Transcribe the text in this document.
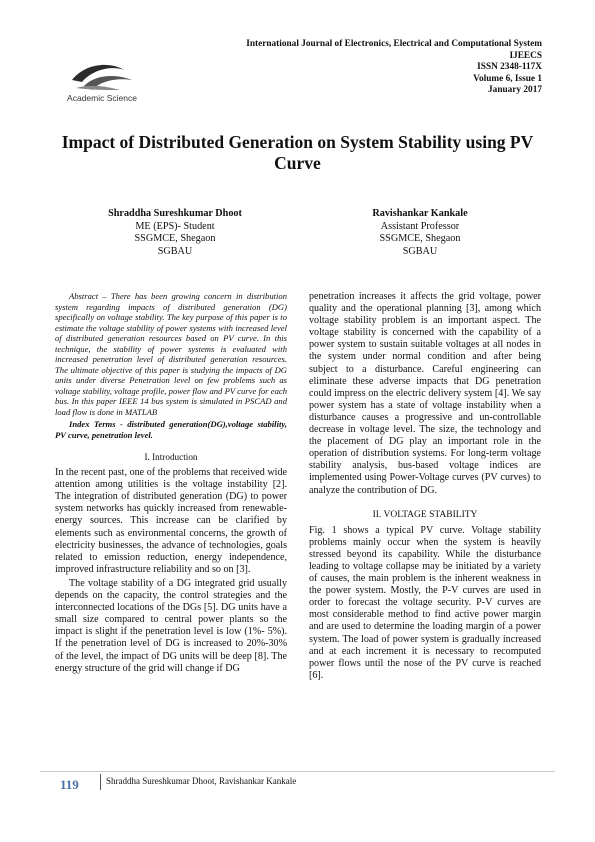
Academic Science
International Journal of Electronics, Electrical and Computational System
IJEECS
ISSN 2348-117X
Volume 6, Issue 1
January 2017
Impact of Distributed Generation on System Stability using PV Curve
Shraddha Sureshkumar Dhoot
ME (EPS)- Student
SSGMCE, Shegaon
SGBAU
Ravishankar Kankale
Assistant Professor
SSGMCE, Shegaon
SGBAU

Abstract – There has been growing concern in distribution system regarding impacts of distributed generation (DG) specifically on voltage stability. The key purpose of this paper is to estimate the voltage stability of power systems with increased level of distributed generation resources based on PV curve. In this technique, the stability of power systems is evaluated with increased penetration level of distributed generation resources. The ultimate objective of this paper is studying the impacts of DG units under diverse Penetration level on few problems such as voltage stability, voltage profile, power flow and PV curve for each bus. In this paper IEEE 14 bus system is simulated in PSCAD and load flow is done in MATLAB

Index Terms - distributed generation(DG),voltage stability, PV curve, penetration level.

I. Introduction

In the recent past, one of the problems that received wide attention among utilities is the voltage instability [2]. The integration of distributed generation (DG) to power system networks has quickly increased from renewable- energy sources. This increase can be clarified by elements such as environmental concerns, the growth of electricity businesses, the advance of technologies, goals related to emission reduction, energy independence, improved infrastructure reliability and so on [3].

The voltage stability of a DG integrated grid usually depends on the capacity, the control strategies and the interconnected locations of the DGs [5]. DG units have a small size compared to central power plants so the impact is slight if the penetration level is low (1%- 5%). If the penetration level of DG is increased to 20%-30% of the level, the impact of DG units will be deep [8]. The energy structure of the grid will change if DG

penetration increases it affects the grid voltage, power quality and the operational planning [3], among which voltage stability problem is an important aspect. The voltage stability is concerned with the capability of a power system to sustain suitable voltages at all nodes in the system under normal condition and after being subject to a disturbance. Careful engineering can eliminate these adverse impacts that DG penetration could impress on the electric delivery system [4]. We say power system has a state of voltage instability when a disturbance causes a progressive and un-controllable decrease in voltage level. The size, the technology and the placement of DG play an important role in the operation of distribution systems. For long-term voltage stability analysis, bus-based voltage indices are implemented using Power-Voltage curves (PV curves) to analyze the contribution of DG.

II. VOLTAGE STABILITY

Fig. 1 shows a typical PV curve. Voltage stability problems mainly occur when the system is heavily stressed beyond its capability. While the disturbance leading to voltage collapse may be initiated by a variety of causes, the main problem is the inherent weakness in the power system. Mostly, the P-V curves are used in order to forecast the voltage security. P-V curves are most considerable method to find active power margin and are used to determine the loading margin of a power system. The load of power system is gradually increased and at each increment it is necessary to recomputed power flows until the nose of the PV curve is reached [6].

119	Shraddha Sureshkumar Dhoot, Ravishankar Kankale
